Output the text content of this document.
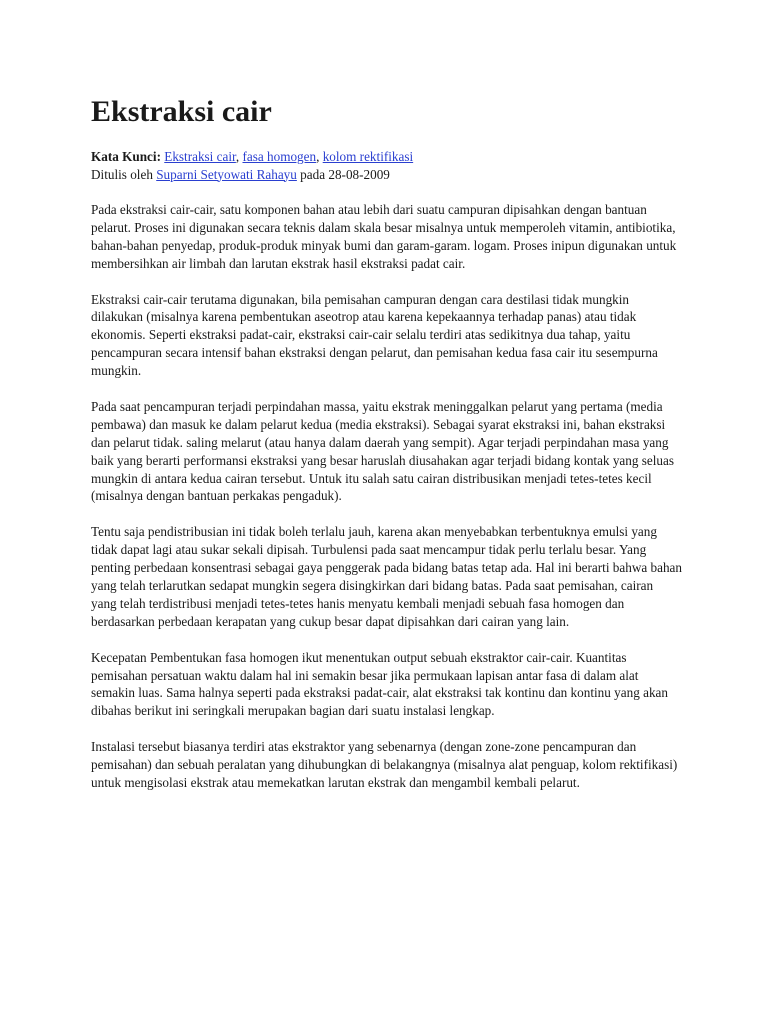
Ekstraksi cair
Kata Kunci: Ekstraksi cair, fasa homogen, kolom rektifikasi
Ditulis oleh Suparni Setyowati Rahayu pada 28-08-2009

Pada ekstraksi cair-cair, satu komponen bahan atau lebih dari suatu campuran dipisahkan dengan bantuan pelarut. Proses ini digunakan secara teknis dalam skala besar misalnya untuk memperoleh vitamin, antibiotika, bahan-bahan penyedap, produk-produk minyak bumi dan garam-garam. logam. Proses inipun digunakan untuk membersihkan air limbah dan larutan ekstrak hasil ekstraksi padat cair.

Ekstraksi cair-cair terutama digunakan, bila pemisahan campuran dengan cara destilasi tidak mungkin dilakukan (misalnya karena pembentukan aseotrop atau karena kepekaannya terhadap panas) atau tidak ekonomis. Seperti ekstraksi padat-cair, ekstraksi cair-cair selalu terdiri atas sedikitnya dua tahap, yaitu pencampuran secara intensif bahan ekstraksi dengan pelarut, dan pemisahan kedua fasa cair itu sesempurna mungkin.

Pada saat pencampuran terjadi perpindahan massa, yaitu ekstrak meninggalkan pelarut yang pertama (media pembawa) dan masuk ke dalam pelarut kedua (media ekstraksi). Sebagai syarat ekstraksi ini, bahan ekstraksi dan pelarut tidak. saling melarut (atau hanya dalam daerah yang sempit). Agar terjadi perpindahan masa yang baik yang berarti performansi ekstraksi yang besar haruslah diusahakan agar terjadi bidang kontak yang seluas mungkin di antara kedua cairan tersebut. Untuk itu salah satu cairan distribusikan menjadi tetes-tetes kecil (misalnya dengan bantuan perkakas pengaduk).

Tentu saja pendistribusian ini tidak boleh terlalu jauh, karena akan menyebabkan terbentuknya emulsi yang tidak dapat lagi atau sukar sekali dipisah. Turbulensi pada saat mencampur tidak perlu terlalu besar. Yang penting perbedaan konsentrasi sebagai gaya penggerak pada bidang batas tetap ada. Hal ini berarti bahwa bahan yang telah terlarutkan sedapat mungkin segera disingkirkan dari bidang batas. Pada saat pemisahan, cairan yang telah terdistribusi menjadi tetes-tetes hanis menyatu kembali menjadi sebuah fasa homogen dan berdasarkan perbedaan kerapatan yang cukup besar dapat dipisahkan dari cairan yang lain.

Kecepatan Pembentukan fasa homogen ikut menentukan output sebuah ekstraktor cair-cair. Kuantitas pemisahan persatuan waktu dalam hal ini semakin besar jika permukaan lapisan antar fasa di dalam alat semakin luas. Sama halnya seperti pada ekstraksi padat-cair, alat ekstraksi tak kontinu dan kontinu yang akan dibahas berikut ini seringkali merupakan bagian dari suatu instalasi lengkap.

Instalasi tersebut biasanya terdiri atas ekstraktor yang sebenarnya (dengan zone-zone pencampuran dan pemisahan) dan sebuah peralatan yang dihubungkan di belakangnya (misalnya alat penguap, kolom rektifikasi) untuk mengisolasi ekstrak atau memekatkan larutan ekstrak dan mengambil kembali pelarut.
